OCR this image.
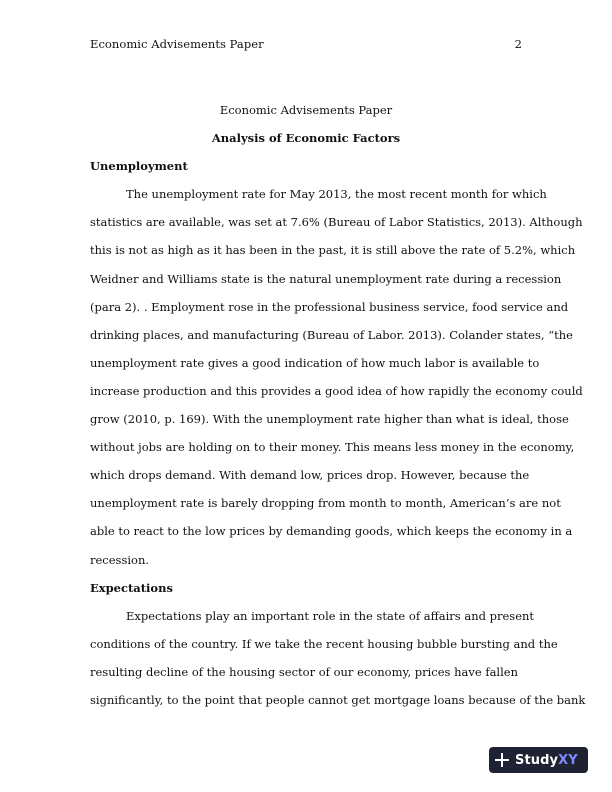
Economic Advisements Paper	2

Economic Advisements Paper

Analysis of Economic Factors

Unemployment

The unemployment rate for May 2013, the most recent month for which
statistics are available, was set at 7.6% (Bureau of Labor Statistics, 2013). Although
this is not as high as it has been in the past, it is still above the rate of 5.2%, which
Weidner and Williams state is the natural unemployment rate during a recession
(para 2). . Employment rose in the professional business service, food service and
drinking places, and manufacturing (Bureau of Labor. 2013). Colander states, “the
unemployment rate gives a good indication of how much labor is available to
increase production and this provides a good idea of how rapidly the economy could
grow (2010, p. 169). With the unemployment rate higher than what is ideal, those
without jobs are holding on to their money. This means less money in the economy,
which drops demand. With demand low, prices drop. However, because the
unemployment rate is barely dropping from month to month, American’s are not
able to react to the low prices by demanding goods, which keeps the economy in a
recession.

Expectations

Expectations play an important role in the state of affairs and present
conditions of the country. If we take the recent housing bubble bursting and the
resulting decline of the housing sector of our economy, prices have fallen
significantly, to the point that people cannot get mortgage loans because of the bank
StudyXY
